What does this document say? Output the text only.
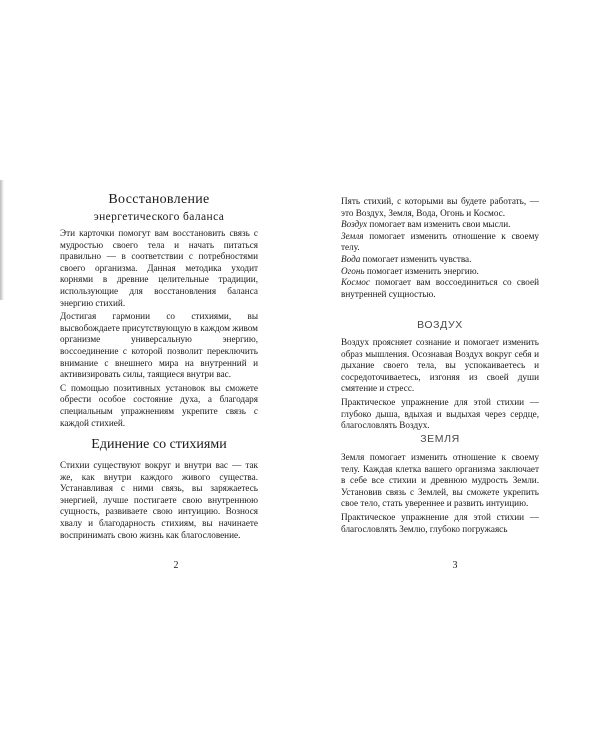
Восстановление

энергетического баланса

Эти карточки помогут вам восстановить связь с мудростью своего тела и начать питаться правильно — в соответствии с потребностями своего организма. Данная методика уходит корнями в древние целительные традиции, использующие для восстановления баланса энергию стихий.

Достигая гармонии со стихиями, вы высвобождаете присутствующую в каждом живом организме универсальную энергию, воссоединение с которой позволит переключить внимание с внешнего мира на внутренний и активизировать силы, таящиеся внутри вас.

С помощью позитивных установок вы сможете обрести особое состояние духа, а благодаря специальным упражнениям укрепите связь с каждой стихией.

Единение со стихиями

Стихии существуют вокруг и внутри вас — так же, как внутри каждого живого существа. Устанавливая с ними связь, вы заряжаетесь энергией, лучше постигаете свою внутреннюю сущность, развиваете свою интуицию. Вознося хвалу и благодарность стихиям, вы начинаете воспринимать свою жизнь как благословение.

2

Пять стихий, с которыми вы будете работать, — это Воздух, Земля, Вода, Огонь и Космос.

Воздух помогает вам изменить свои мысли.

Земля помогает изменить отношение к своему телу.

Вода помогает изменить чувства.

Огонь помогает изменить энергию.

Космос помогает вам воссоединиться со своей внутренней сущностью.

ВОЗДУХ

Воздух проясняет сознание и помогает изменить образ мышления. Осознавая Воздух вокруг себя и дыхание своего тела, вы успокаиваетесь и сосредоточиваетесь, изгоняя из своей души смятение и стресс.

Практическое упражнение для этой стихии — глубоко дыша, вдыхая и выдыхая через сердце, благословлять Воздух.

ЗЕМЛЯ

Земля помогает изменить отношение к своему телу. Каждая клетка вашего организма заключает в себе все стихии и древнюю мудрость Земли. Установив связь с Землей, вы сможете укрепить свое тело, стать увереннее и развить интуицию.

Практическое упражнение для этой стихии — благословлять Землю, глубоко погружаясь

3
